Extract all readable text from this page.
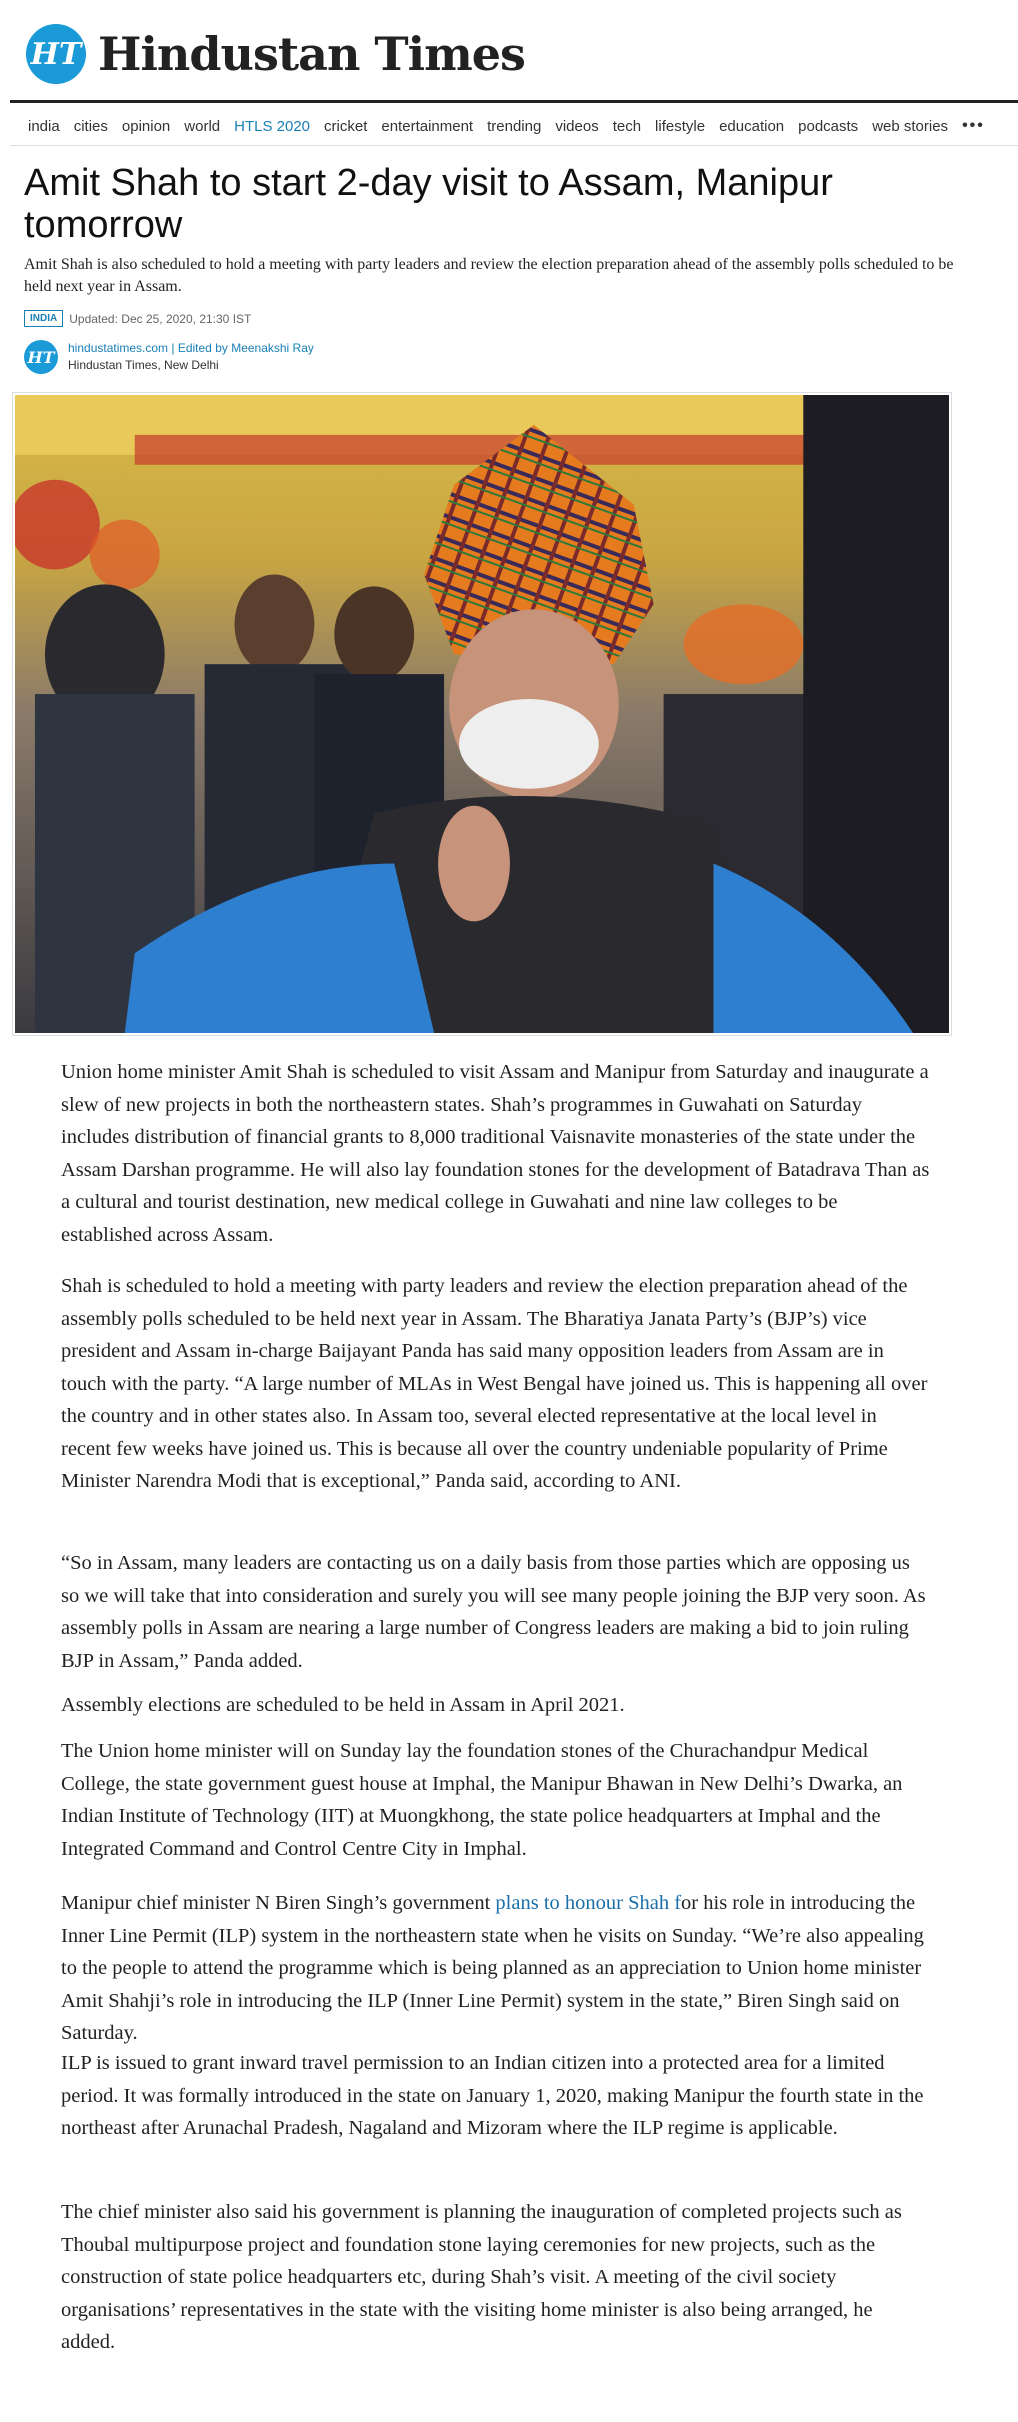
HT Hindustan Times
india cities opinion world HTLS 2020 cricket entertainment trending videos tech lifestyle education podcasts web stories •••
Amit Shah to start 2-day visit to Assam, Manipur tomorrow

Amit Shah is also scheduled to hold a meeting with party leaders and review the election preparation ahead of the assembly polls scheduled to be held next year in Assam.

INDIA	Updated: Dec 25, 2020, 21:30 IST
HT hindustatimes.com | Edited by Meenakshi Ray
Hindustan Times, New Delhi

Union home minister Amit Shah is scheduled to visit Assam and Manipur from Saturday and inaugurate a slew of new projects in both the northeastern states. Shah’s programmes in Guwahati on Saturday includes distribution of financial grants to 8,000 traditional Vaisnavite monasteries of the state under the Assam Darshan programme. He will also lay foundation stones for the development of Batadrava Than as a cultural and tourist destination, new medical college in Guwahati and nine law colleges to be established across Assam.

Shah is scheduled to hold a meeting with party leaders and review the election preparation ahead of the assembly polls scheduled to be held next year in Assam. The Bharatiya Janata Party’s (BJP’s) vice president and Assam in-charge Baijayant Panda has said many opposition leaders from Assam are in touch with the party. “A large number of MLAs in West Bengal have joined us. This is happening all over the country and in other states also. In Assam too, several elected representative at the local level in recent few weeks have joined us. This is because all over the country undeniable popularity of Prime Minister Narendra Modi that is exceptional,” Panda said, according to ANI.

“So in Assam, many leaders are contacting us on a daily basis from those parties which are opposing us so we will take that into consideration and surely you will see many people joining the BJP very soon. As assembly polls in Assam are nearing a large number of Congress leaders are making a bid to join ruling BJP in Assam,” Panda added.

Assembly elections are scheduled to be held in Assam in April 2021.

The Union home minister will on Sunday lay the foundation stones of the Churachandpur Medical College, the state government guest house at Imphal, the Manipur Bhawan in New Delhi’s Dwarka, an Indian Institute of Technology (IIT) at Muongkhong, the state police headquarters at Imphal and the Integrated Command and Control Centre City in Imphal.

Manipur chief minister N Biren Singh’s government plans to honour Shah for his role in introducing the Inner Line Permit (ILP) system in the northeastern state when he visits on Sunday. “We’re also appealing to the people to attend the programme which is being planned as an appreciation to Union home minister Amit Shahji’s role in introducing the ILP (Inner Line Permit) system in the state,” Biren Singh said on Saturday.

ILP is issued to grant inward travel permission to an Indian citizen into a protected area for a limited period. It was formally introduced in the state on January 1, 2020, making Manipur the fourth state in the northeast after Arunachal Pradesh, Nagaland and Mizoram where the ILP regime is applicable.

The chief minister also said his government is planning the inauguration of completed projects such as Thoubal multipurpose project and foundation stone laying ceremonies for new projects, such as the construction of state police headquarters etc, during Shah’s visit. A meeting of the civil society organisations’ representatives in the state with the visiting home minister is also being arranged, he added.
